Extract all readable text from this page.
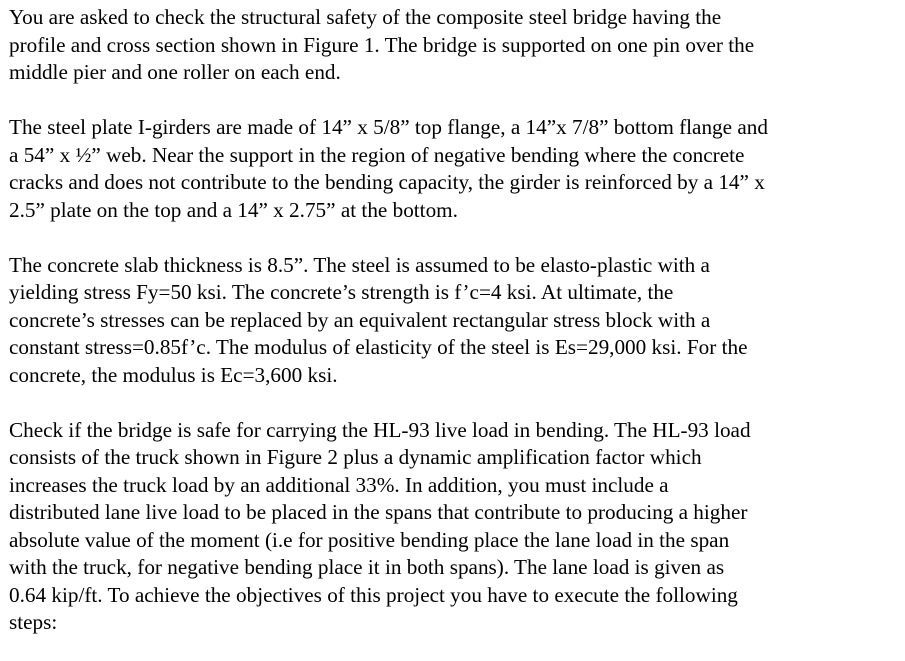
You are asked to check the structural safety of the composite steel bridge having the
profile and cross section shown in Figure 1. The bridge is supported on one pin over the
middle pier and one roller on each end.

The steel plate I-girders are made of 14” x 5/8” top flange, a 14”x 7/8” bottom flange and
a 54” x ½” web. Near the support in the region of negative bending where the concrete
cracks and does not contribute to the bending capacity, the girder is reinforced by a 14” x
2.5” plate on the top and a 14” x 2.75” at the bottom.

The concrete slab thickness is 8.5”. The steel is assumed to be elasto-plastic with a
yielding stress Fy=50 ksi. The concrete’s strength is f’c=4 ksi. At ultimate, the
concrete’s stresses can be replaced by an equivalent rectangular stress block with a
constant stress=0.85f’c. The modulus of elasticity of the steel is Es=29,000 ksi. For the
concrete, the modulus is Ec=3,600 ksi.

Check if the bridge is safe for carrying the HL-93 live load in bending. The HL-93 load
consists of the truck shown in Figure 2 plus a dynamic amplification factor which
increases the truck load by an additional 33%. In addition, you must include a
distributed lane live load to be placed in the spans that contribute to producing a higher
absolute value of the moment (i.e for positive bending place the lane load in the span
with the truck, for negative bending place it in both spans). The lane load is given as
0.64 kip/ft. To achieve the objectives of this project you have to execute the following
steps:
